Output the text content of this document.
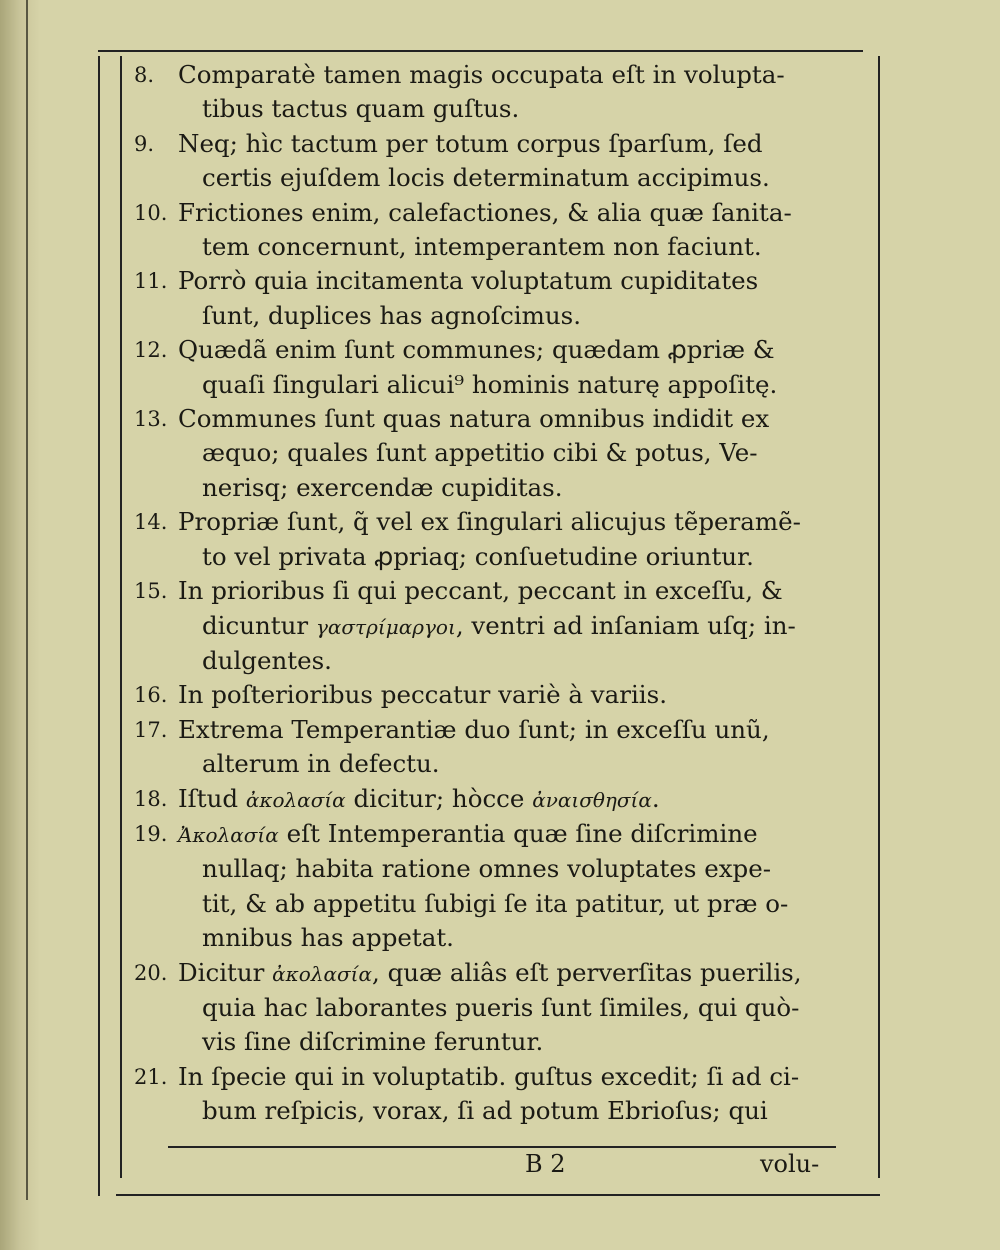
8. Comparatè tamen magis occupata eſt in volupta-
tibus tactus quam guſtus.
9. Neq; hìc tactum per totum corpus ſparſum, ſed
certis ejuſdem locis determinatum accipimus.
10. Frictiones enim, calefactiones, & alia quæ ſanita-
tem concernunt, intemperantem non faciunt.
11. Porrò quia incitamenta voluptatum cupiditates
ſunt, duplices has agnoſcimus.
12. Quædã enim ſunt communes; quædam ꝓpriæ &
quaſi ſingulari alicui⁹ hominis naturę appoſitę.
13. Communes ſunt quas natura omnibus indidit ex
æquo; quales ſunt appetitio cibi & potus, Ve-
nerisq; exercendæ cupiditas.
14. Propriæ ſunt, q̃ vel ex ſingulari alicujus tẽperamẽ-
to vel privata ꝓpriaq; conſuetudine oriuntur.
15. In prioribus ſi qui peccant, peccant in exceſſu, &
dicuntur γαστρίμαργοι, ventri ad inſaniam uſq; in-
dulgentes.
16. In poſterioribus peccatur variè à variis.
17. Extrema Temperantiæ duo ſunt; in exceſſu unũ,
alterum in defectu.
18. Iſtud ἀκολασία dicitur; hòcce ἀναισθησία.
19. Ἀκολασία eſt Intemperantia quæ ſine diſcrimine
nullaq; habita ratione omnes voluptates expe-
tit, & ab appetitu ſubigi ſe ita patitur, ut præ o-
mnibus has appetat.
20. Dicitur ἀκολασία, quæ aliâs eſt perverſitas puerilis,
quia hac laborantes pueris ſunt ſimiles, qui quò-
vis ſine diſcrimine feruntur.
21. In ſpecie qui in voluptatib. guſtus excedit; ſi ad ci-
bum reſpicis, vorax, ſi ad potum Ebrioſus; qui
B 2	volu-
